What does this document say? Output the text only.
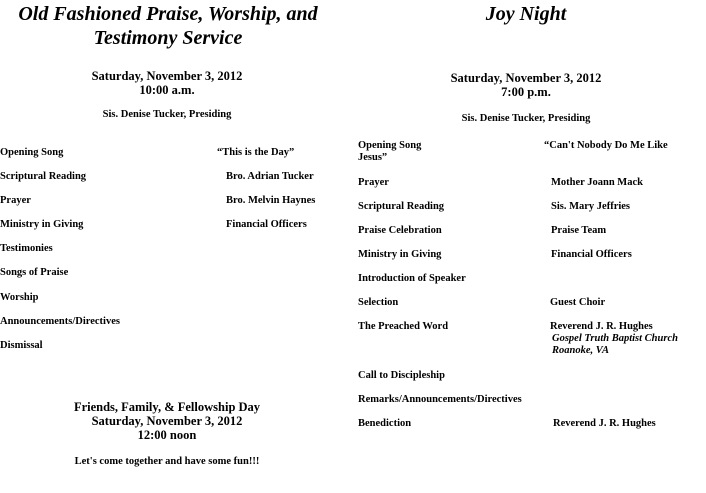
Old Fashioned Praise, Worship, and
Testimony Service
Saturday, November 3, 2012
10:00 a.m.
Sis. Denise Tucker, Presiding
Opening Song	“This is the Day”
Scriptural Reading	Bro. Adrian Tucker
Prayer	Bro. Melvin Haynes
Ministry in Giving	Financial Officers
Testimonies
Songs of Praise
Worship
Announcements/Directives
Dismissal
Friends, Family, & Fellowship Day
Saturday, November 3, 2012
12:00 noon
Let's come together and have some fun!!!
Joy Night
Saturday, November 3, 2012
7:00 p.m.
Sis. Denise Tucker, Presiding
Opening Song	“Can't Nobody Do Me Like
Jesus”
Prayer	Mother Joann Mack
Scriptural Reading	Sis. Mary Jeffries
Praise Celebration	Praise Team
Ministry in Giving	Financial Officers
Introduction of Speaker
Selection	Guest Choir
The Preached Word	Reverend J. R. Hughes
Gospel Truth Baptist Church
Roanoke, VA
Call to Discipleship
Remarks/Announcements/Directives
Benediction	Reverend J. R. Hughes
